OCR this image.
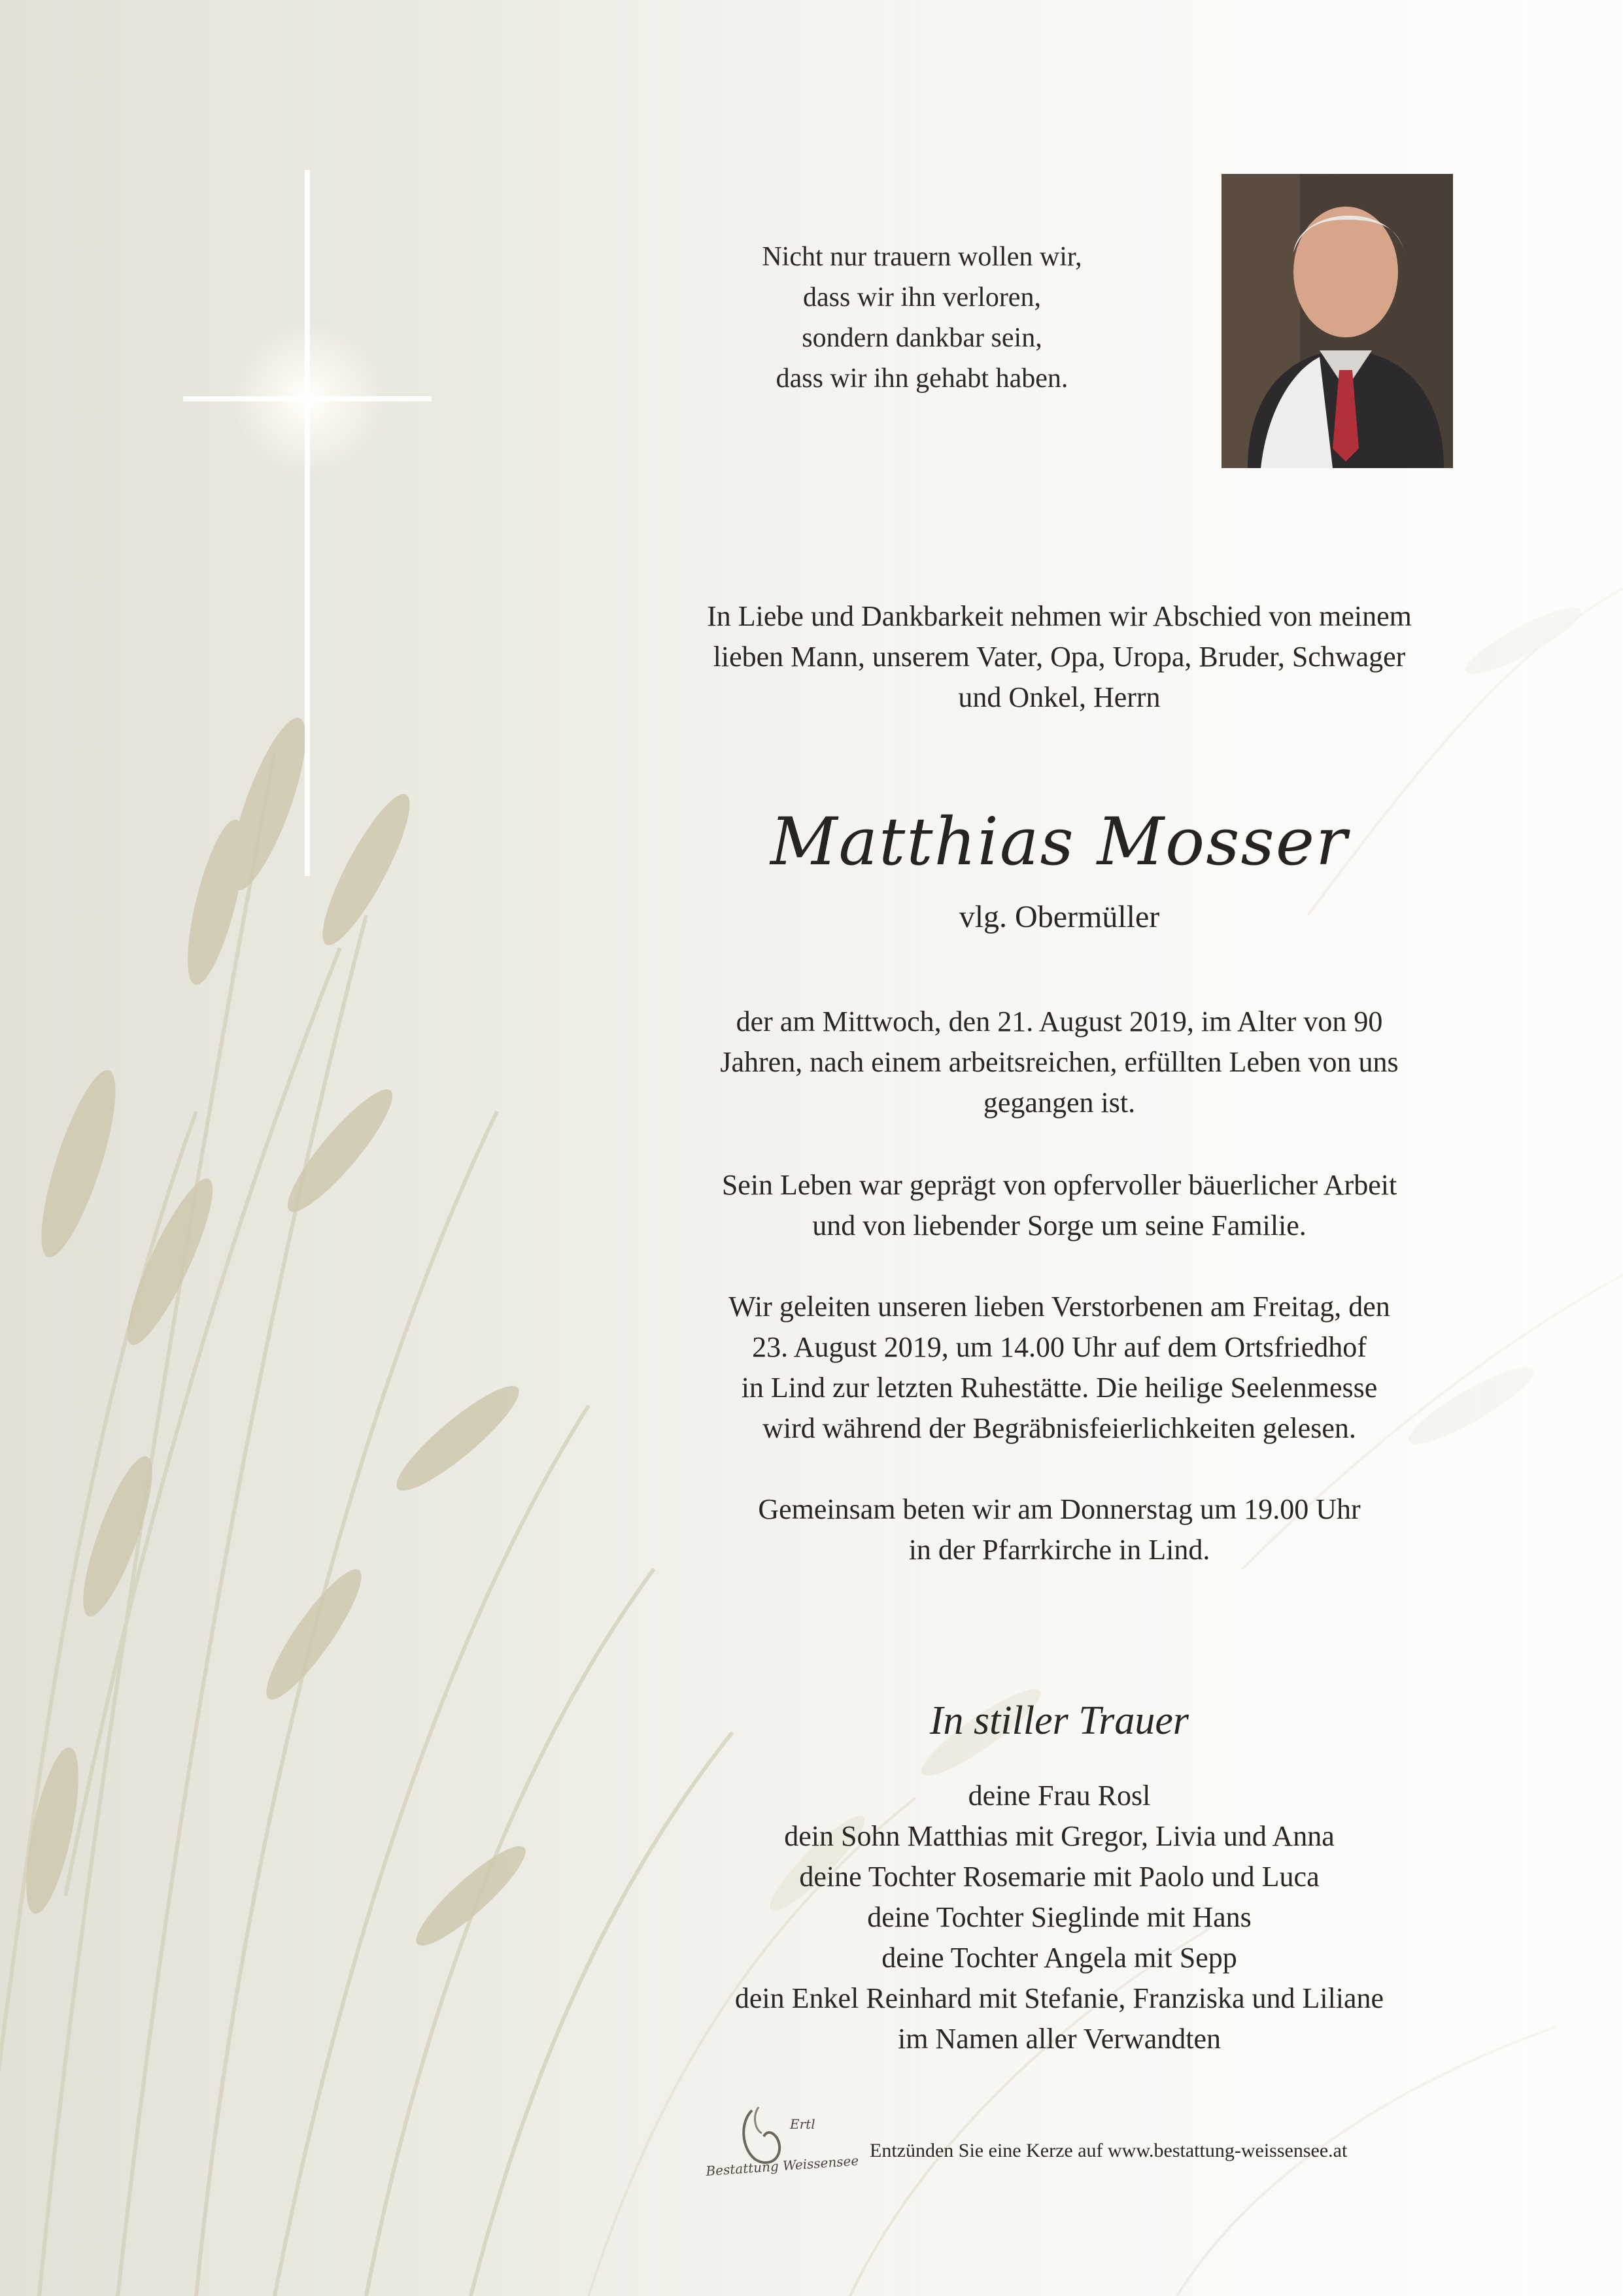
Nicht nur trauern wollen wir,
dass wir ihn verloren,
sondern dankbar sein,
dass wir ihn gehabt haben.
In Liebe und Dankbarkeit nehmen wir Abschied von meinem
lieben Mann, unserem Vater, Opa, Uropa, Bruder, Schwager
und Onkel, Herrn
Matthias Mosser
vlg. Obermüller
der am Mittwoch, den 21. August 2019, im Alter von 90
Jahren, nach einem arbeitsreichen, erfüllten Leben von uns
gegangen ist.
Sein Leben war geprägt von opfervoller bäuerlicher Arbeit
und von liebender Sorge um seine Familie.
Wir geleiten unseren lieben Verstorbenen am Freitag, den
23. August 2019, um 14.00 Uhr auf dem Ortsfriedhof
in Lind zur letzten Ruhestätte. Die heilige Seelenmesse
wird während der Begräbnisfeierlichkeiten gelesen.
Gemeinsam beten wir am Donnerstag um 19.00 Uhr
in der Pfarrkirche in Lind.
In stiller Trauer
deine Frau Rosl
dein Sohn Matthias mit Gregor, Livia und Anna
deine Tochter Rosemarie mit Paolo und Luca
deine Tochter Sieglinde mit Hans
deine Tochter Angela mit Sepp
dein Enkel Reinhard mit Stefanie, Franziska und Liliane
im Namen aller Verwandten
Ertl
Bestattung Weissensee
Entzünden Sie eine Kerze auf www.bestattung-weissensee.at
